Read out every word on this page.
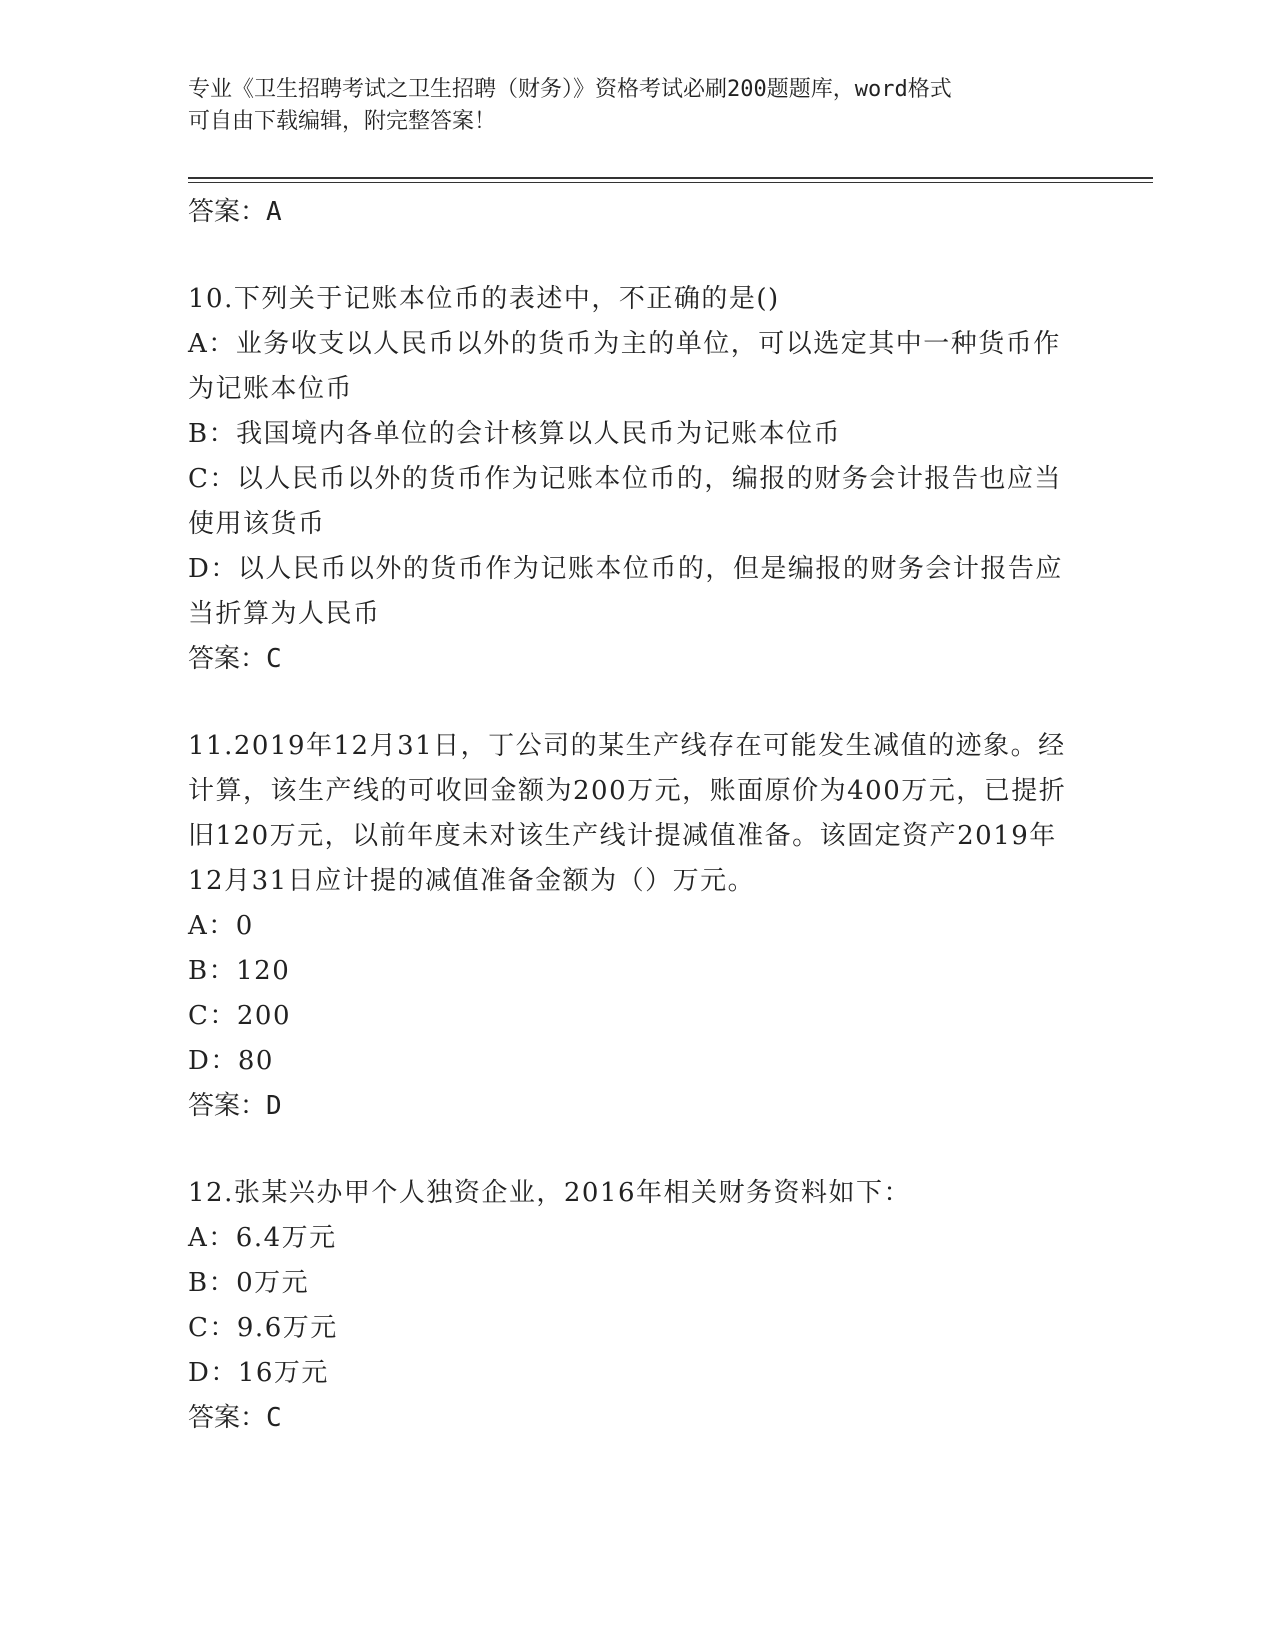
专业《卫生招聘考试之卫生招聘（财务）》资格考试必刷200题题库，word格式
可自由下载编辑，附完整答案！
答案：A
10.下列关于记账本位币的表述中，不正确的是()
A：业务收支以人民币以外的货币为主的单位，可以选定其中一种货币作为记账本位币
B：我国境内各单位的会计核算以人民币为记账本位币
C：以人民币以外的货币作为记账本位币的，编报的财务会计报告也应当使用该货币
D：以人民币以外的货币作为记账本位币的，但是编报的财务会计报告应当折算为人民币
答案：C
11.2019年12月31日，丁公司的某生产线存在可能发生减值的迹象。经计算，该生产线的可收回金额为200万元，账面原价为400万元，已提折旧120万元，以前年度未对该生产线计提减值准备。该固定资产2019年12月31日应计提的减值准备金额为（）万元。
A：0
B：120
C：200
D：80
答案：D
12.张某兴办甲个人独资企业，2016年相关财务资料如下：
A：6.4万元
B：0万元
C：9.6万元
D：16万元
答案：C
